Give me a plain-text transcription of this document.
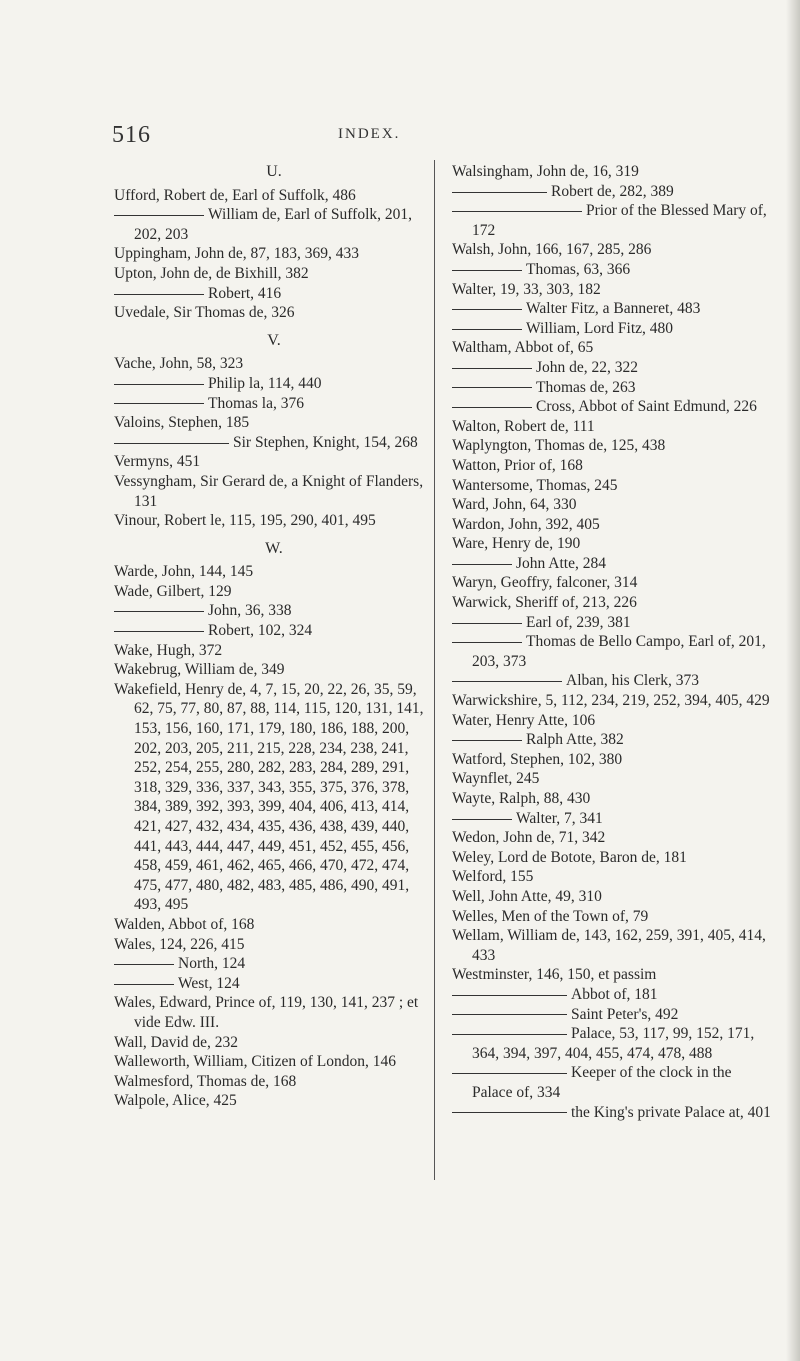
516	INDEX.

U.

Ufford, Robert de, Earl of Suffolk, 486

William de, Earl of Suffolk, 201, 202, 203

Uppingham, John de, 87, 183, 369, 433

Upton, John de, de Bixhill, 382

Robert, 416

Uvedale, Sir Thomas de, 326

V.

Vache, John, 58, 323

Philip la, 114, 440

Thomas la, 376

Valoins, Stephen, 185

Sir Stephen, Knight, 154, 268

Vermyns, 451

Vessyngham, Sir Gerard de, a Knight of Flanders, 131

Vinour, Robert le, 115, 195, 290, 401, 495

W.

Warde, John, 144, 145

Wade, Gilbert, 129

John, 36, 338

Robert, 102, 324

Wake, Hugh, 372

Wakebrug, William de, 349

Wakefield, Henry de, 4, 7, 15, 20, 22, 26, 35, 59, 62, 75, 77, 80, 87, 88, 114, 115, 120, 131, 141, 153, 156, 160, 171, 179, 180, 186, 188, 200, 202, 203, 205, 211, 215, 228, 234, 238, 241, 252, 254, 255, 280, 282, 283, 284, 289, 291, 318, 329, 336, 337, 343, 355, 375, 376, 378, 384, 389, 392, 393, 399, 404, 406, 413, 414, 421, 427, 432, 434, 435, 436, 438, 439, 440, 441, 443, 444, 447, 449, 451, 452, 455, 456, 458, 459, 461, 462, 465, 466, 470, 472, 474, 475, 477, 480, 482, 483, 485, 486, 490, 491, 493, 495

Walden, Abbot of, 168

Wales, 124, 226, 415

North, 124

West, 124

Wales, Edward, Prince of, 119, 130, 141, 237 ; et vide Edw. III.

Wall, David de, 232

Walleworth, William, Citizen of London, 146

Walmesford, Thomas de, 168

Walpole, Alice, 425

Walsingham, John de, 16, 319

Robert de, 282, 389

Prior of the Blessed Mary of, 172

Walsh, John, 166, 167, 285, 286

Thomas, 63, 366

Walter, 19, 33, 303, 182

Walter Fitz, a Banneret, 483

William, Lord Fitz, 480

Waltham, Abbot of, 65

John de, 22, 322

Thomas de, 263

Cross, Abbot of Saint Edmund, 226

Walton, Robert de, 111

Waplyngton, Thomas de, 125, 438

Watton, Prior of, 168

Wantersome, Thomas, 245

Ward, John, 64, 330

Wardon, John, 392, 405

Ware, Henry de, 190

John Atte, 284

Waryn, Geoffry, falconer, 314

Warwick, Sheriff of, 213, 226

Earl of, 239, 381

Thomas de Bello Campo, Earl of, 201, 203, 373

Alban, his Clerk, 373

Warwickshire, 5, 112, 234, 219, 252, 394, 405, 429

Water, Henry Atte, 106

Ralph Atte, 382

Watford, Stephen, 102, 380

Waynflet, 245

Wayte, Ralph, 88, 430

Walter, 7, 341

Wedon, John de, 71, 342

Weley, Lord de Botote, Baron de, 181

Welford, 155

Well, John Atte, 49, 310

Welles, Men of the Town of, 79

Wellam, William de, 143, 162, 259, 391, 405, 414, 433

Westminster, 146, 150, et passim

Abbot of, 181

Saint Peter's, 492

Palace, 53, 117, 99, 152, 171, 364, 394, 397, 404, 455, 474, 478, 488

Keeper of the clock in the Palace of, 334

the King's private Palace at, 401
